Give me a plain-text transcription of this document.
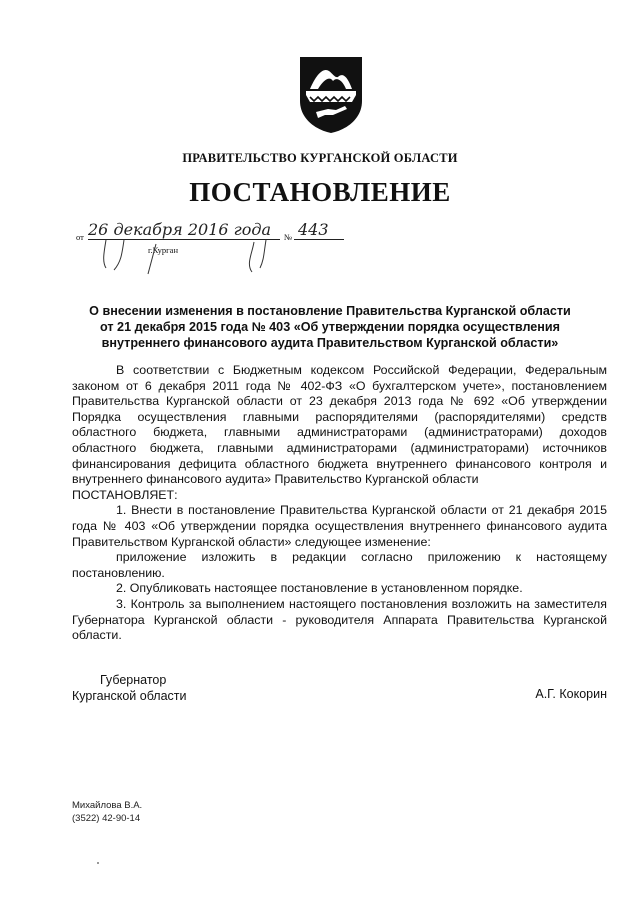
ПРАВИТЕЛЬСТВО КУРГАНСКОЙ ОБЛАСТИ
ПОСТАНОВЛЕНИЕ
от 26 декабря 2016 года № 443
г.Курган
О внесении изменения в постановление Правительства Курганской области
от 21 декабря 2015 года № 403 «Об утверждении порядка осуществления
внутреннего финансового аудита Правительством Курганской области»

В соответствии с Бюджетным кодексом Российской Федерации, Федеральным законом от 6 декабря 2011 года № 402-ФЗ «О бухгалтерском учете», постановлением Правительства Курганской области от 23 декабря 2013 года № 692 «Об утверждении Порядка осуществления главными распорядителями (распорядителями) средств областного бюджета, главными администраторами (администраторами) доходов областного бюджета, главными администраторами (администраторами) источников финансирования дефицита областного бюджета внутреннего финансового контроля и внутреннего финансового аудита» Правительство Курганской области

ПОСТАНОВЛЯЕТ:

1. Внести в постановление Правительства Курганской области от 21 декабря 2015 года № 403 «Об утверждении порядка осуществления внутреннего финансового аудита Правительством Курганской области» следующее изменение:

приложение изложить в редакции согласно приложению к настоящему постановлению.

2. Опубликовать настоящее постановление в установленном порядке.

3. Контроль за выполнением настоящего постановления возложить на заместителя Губернатора Курганской области - руководителя Аппарата Правительства Курганской области.

Губернатор
Курганской области	А.Г. Кокорин
Михайлова В.А.
(3522) 42-90-14
